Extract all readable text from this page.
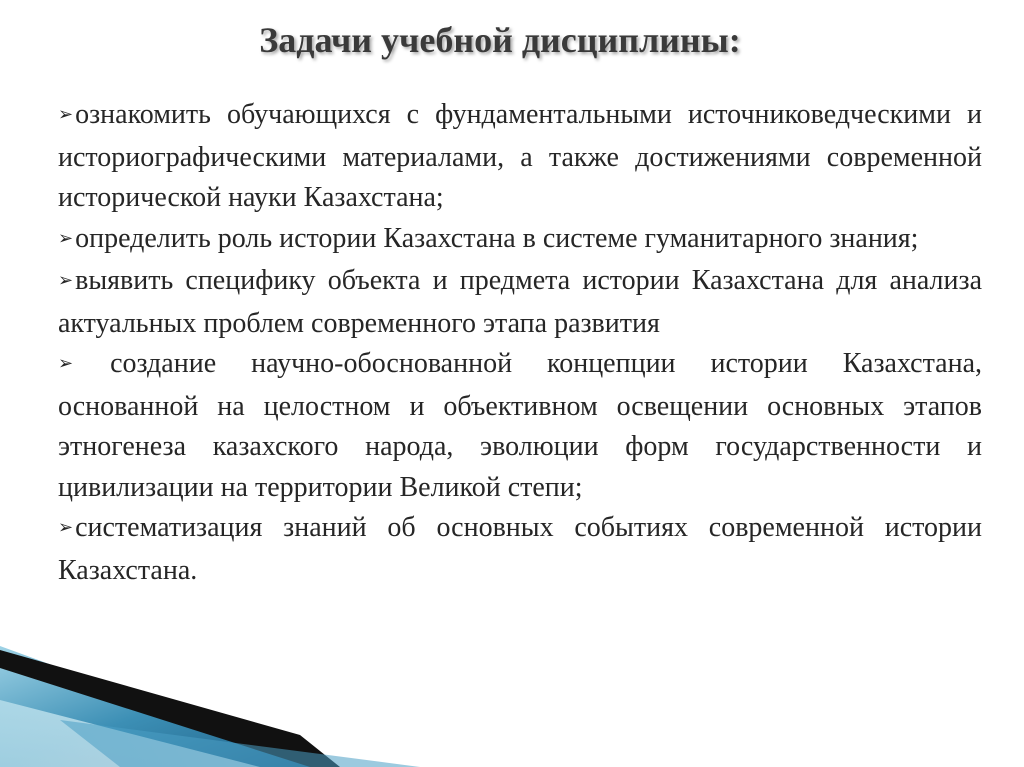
Задачи учебной дисциплины:
➢ознакомить обучающихся с фундаментальными источниковедческими и историографическими материалами, а также достижениями современной исторической науки Казахстана;
➢определить роль истории Казахстана в системе гуманитарного знания;
➢выявить специфику объекта и предмета истории Казахстана для анализа актуальных проблем современного этапа развития
➢ создание научно-обоснованной концепции истории Казахстана, основанной на целостном и объективном освещении основных этапов этногенеза казахского народа, эволюции форм государственности и цивилизации на территории Великой степи;
➢систематизация знаний об основных событиях современной истории Казахстана.
